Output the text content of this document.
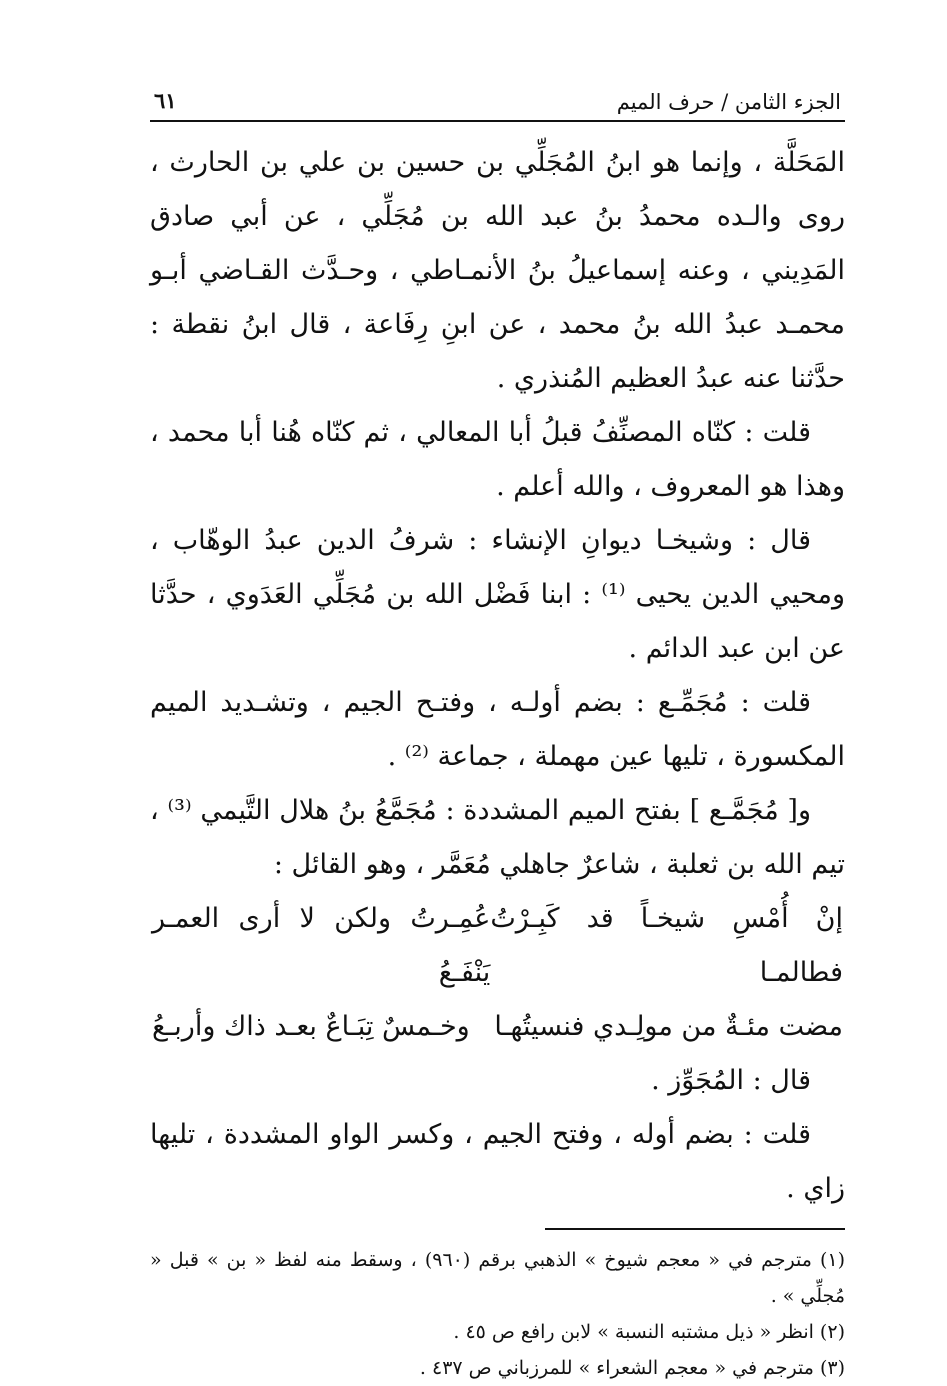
الجزء الثامن / حرف الميم
٦١

المَحَلَّة ، وإنما هو ابنُ المُجَلِّي بن حسين بن علي بن الحارث ، روى والـده محمدُ بنُ عبد الله بن مُجَلِّي ، عن أبي صادق المَدِيني ، وعنه إسماعيلُ بنُ الأنمـاطي ، وحـدَّث القـاضي أبـو محمـد عبدُ الله بنُ محمد ، عن ابنِ رِفَاعة ، قال ابنُ نقطة : حدَّثنا عنه عبدُ العظيم المُنذري .

قلت : كنّاه المصنِّفُ قبلُ أبا المعالي ، ثم كنّاه هُنا أبا محمد ، وهذا هو المعروف ، والله أعلم .

قال : وشيخـا ديوانِ الإنشاء : شرفُ الدين عبدُ الوهّاب ، ومحيي الدين يحيى ⁽¹⁾ : ابنا فَضْل الله بن مُجَلِّي العَدَوي ، حدَّثا عن ابن عبد الدائم .

قلت : مُجَمِّـع : بضم أولـه ، وفتـح الجيم ، وتشـديد الميم المكسورة ، تليها عين مهملة ، جماعة ⁽²⁾ .

و[ مُجَمَّـع ] بفتح الميم المشددة : مُجَمَّعُ بنُ هلال التَّيمي ⁽³⁾ ، تيم الله بن ثعلبة ، شاعرٌ جاهلي مُعَمَّر ، وهو القائل :

إنْ أُمْسِ شيخـاً قد كَبِـرْتُ فطالمـا
عُمِـرتُ ولكن لا أرى العمـر يَنْفَـعُ
مضت مئـةٌ من مولِـدي فنسيتُهـا
وخـمسٌ تِبَـاعٌ بعـد ذاك وأربـعُ

قال : المُجَوِّز .

قلت : بضم أوله ، وفتح الجيم ، وكسر الواو المشددة ، تليها زاي .

(١) مترجم في « معجم شيوخ » الذهبي برقم (٩٦٠) ، وسقط منه لفظ « بن » قبل « مُجلِّي » .

(٢) انظر « ذيل مشتبه النسبة » لابن رافع ص ٤٥ .

(٣) مترجم في « معجم الشعراء » للمرزباني ص ٤٣٧ .
